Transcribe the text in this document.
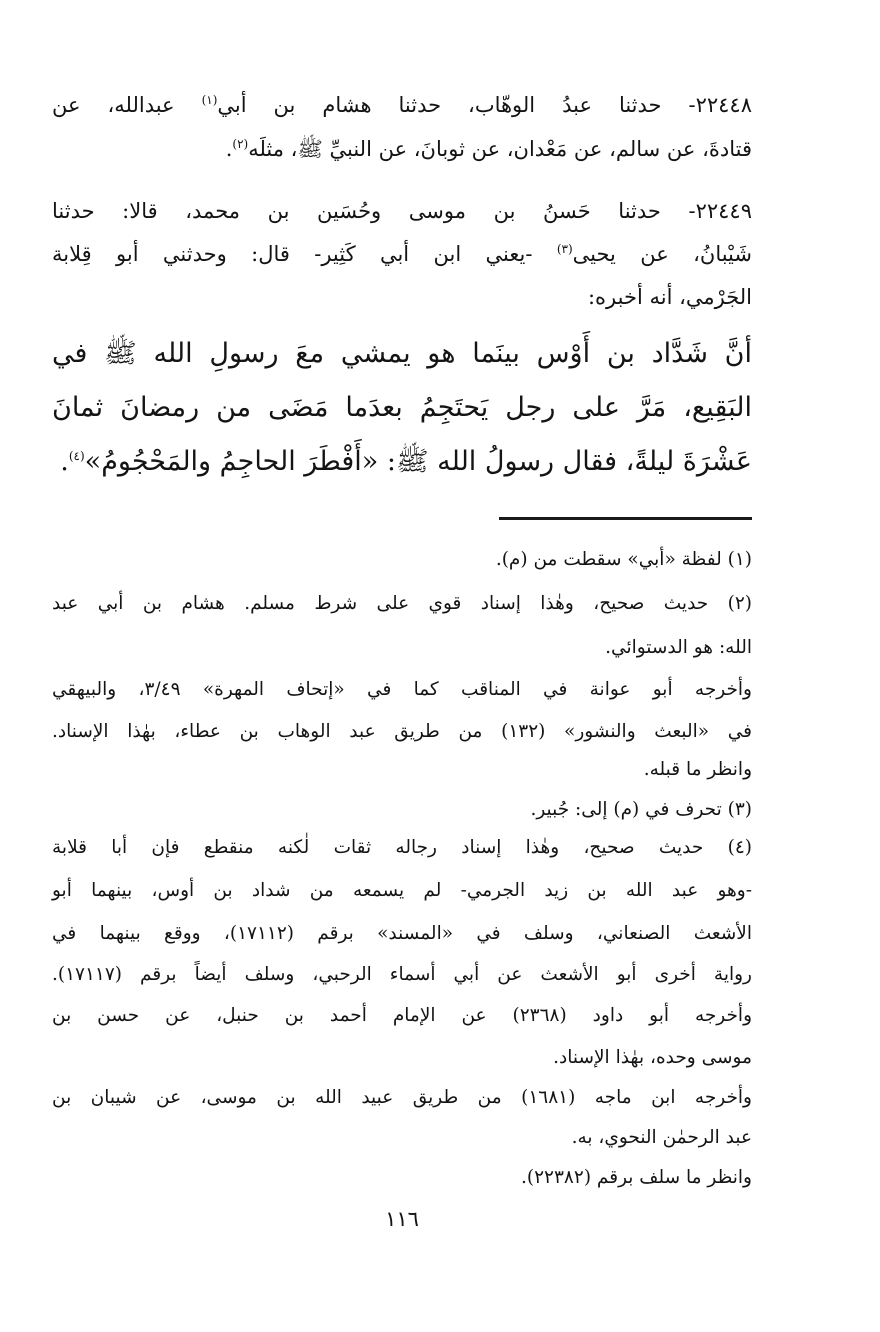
٢٢٤٤٨- حدثنا عبدُ الوهّاب، حدثنا هشام بن أبي$^{(١)}$ عبدالله، عن
قتادةَ، عن سالم، عن مَعْدان، عن ثوبانَ، عن النبيِّ ﷺ، مثلَه$^{(٢)}$.
٢٢٤٤٩- حدثنا حَسنُ بن موسى وحُسَين بن محمد، قالا: حدثنا
شَيْبانُ، عن يحيى$^{(٣)}$ -يعني ابن أبي كَثِير- قال: وحدثني أبو قِلابة
الجَرْمي، أنه أخبره:
أنَّ شَدَّاد بن أَوْس بينَما هو يمشي معَ رسولِ الله ﷺ في
البَقِيع، مَرَّ على رجل يَحتَجِمُ بعدَما مَضَى من رمضانَ ثمانَ
عَشْرَةَ ليلةً، فقال رسولُ الله ﷺ: «أَفْطَرَ الحاجِمُ والمَحْجُومُ»$^{(٤)}$.
(١) لفظة «أبي» سقطت من (م).
(٢) حديث صحيح، وهٰذا إسناد قوي على شرط مسلم. هشام بن أبي عبد
الله: هو الدستوائي.
وأخرجه أبو عوانة في المناقب كما في «إتحاف المهرة» ٣/٤٩، والبيهقي
في «البعث والنشور» (١٣٢) من طريق عبد الوهاب بن عطاء، بهٰذا الإسناد.
وانظر ما قبله.
(٣) تحرف في (م) إلى: جُبير.
(٤) حديث صحيح، وهٰذا إسناد رجاله ثقات لٰكنه منقطع فإن أبا قلابة
-وهو عبد الله بن زيد الجرمي- لم يسمعه من شداد بن أوس، بينهما أبو
الأشعث الصنعاني، وسلف في «المسند» برقم (١٧١١٢)، ووقع بينهما في
رواية أخرى أبو الأشعث عن أبي أسماء الرحبي، وسلف أيضاً برقم (١٧١١٧).
وأخرجه أبو داود (٢٣٦٨) عن الإمام أحمد بن حنبل، عن حسن بن
موسى وحده، بهٰذا الإسناد.
وأخرجه ابن ماجه (١٦٨١) من طريق عبيد الله بن موسى، عن شيبان بن
عبد الرحمٰن النحوي، به.
وانظر ما سلف برقم (٢٢٣٨٢).
١١٦
